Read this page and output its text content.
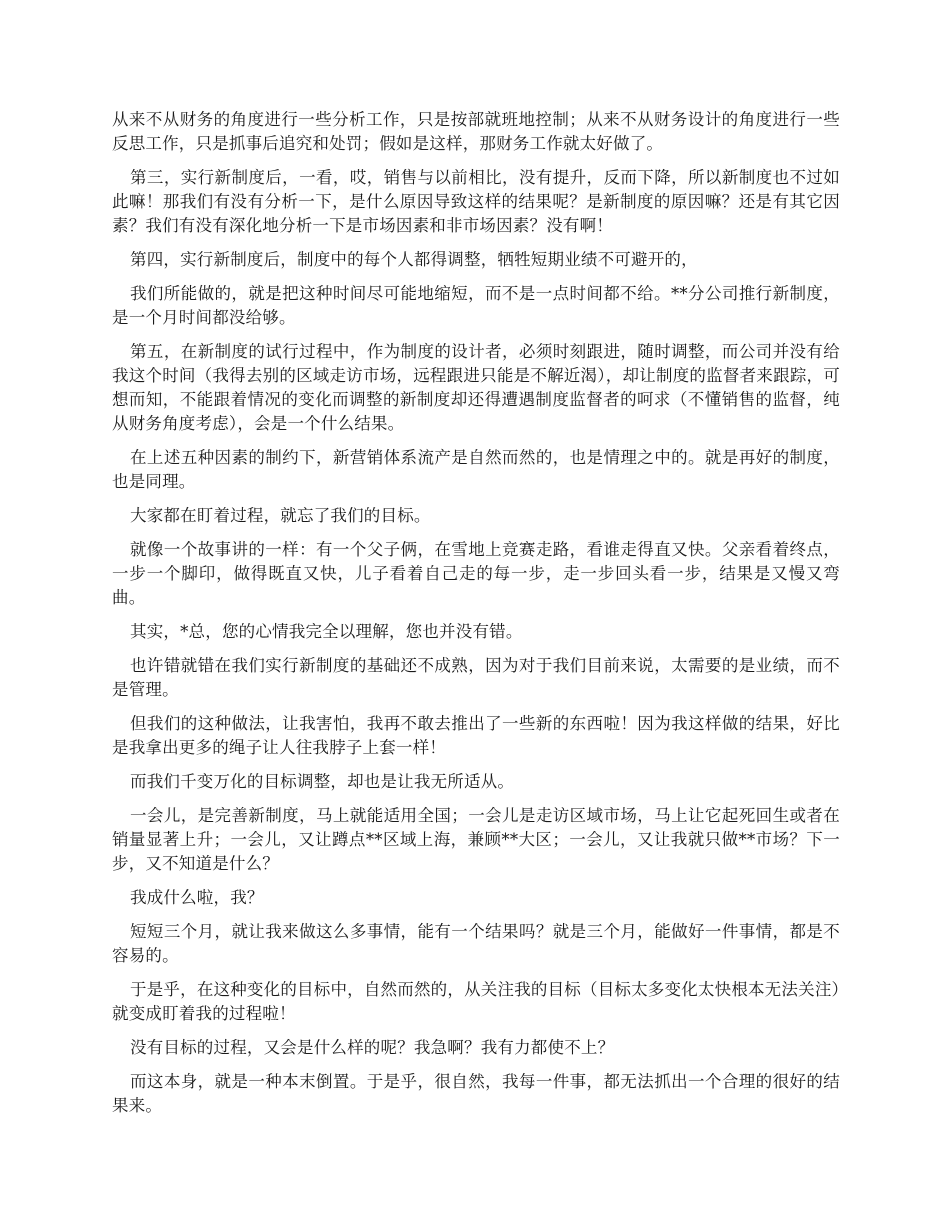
从来不从财务的角度进行一些分析工作，只是按部就班地控制；从来不从财务设计的角度进行一些反思工作，只是抓事后追究和处罚；假如是这样，那财务工作就太好做了。

第三，实行新制度后，一看，哎，销售与以前相比，没有提升，反而下降，所以新制度也不过如此嘛！那我们有没有分析一下，是什么原因导致这样的结果呢？是新制度的原因嘛？还是有其它因素？我们有没有深化地分析一下是市场因素和非市场因素？没有啊！

第四，实行新制度后，制度中的每个人都得调整，牺牲短期业绩不可避开的，

我们所能做的，就是把这种时间尽可能地缩短，而不是一点时间都不给。**分公司推行新制度，是一个月时间都没给够。

第五，在新制度的试行过程中，作为制度的设计者，必须时刻跟进，随时调整，而公司并没有给我这个时间（我得去别的区域走访市场，远程跟进只能是不解近渴），却让制度的监督者来跟踪，可想而知，不能跟着情况的变化而调整的新制度却还得遭遇制度监督者的呵求（不懂销售的监督，纯从财务角度考虑），会是一个什么结果。

在上述五种因素的制约下，新营销体系流产是自然而然的，也是情理之中的。就是再好的制度，也是同理。

大家都在盯着过程，就忘了我们的目标。

就像一个故事讲的一样：有一个父子俩，在雪地上竞赛走路，看谁走得直又快。父亲看着终点，一步一个脚印，做得既直又快，儿子看着自己走的每一步，走一步回头看一步，结果是又慢又弯曲。

其实，*总，您的心情我完全以理解，您也并没有错。

也许错就错在我们实行新制度的基础还不成熟，因为对于我们目前来说，太需要的是业绩，而不是管理。

但我们的这种做法，让我害怕，我再不敢去推出了一些新的东西啦！因为我这样做的结果，好比是我拿出更多的绳子让人往我脖子上套一样！

而我们千变万化的目标调整，却也是让我无所适从。

一会儿，是完善新制度，马上就能适用全国；一会儿是走访区域市场，马上让它起死回生或者在销量显著上升；一会儿，又让蹲点**区域上海，兼顾**大区；一会儿，又让我就只做**市场？下一步，又不知道是什么？

我成什么啦，我？

短短三个月，就让我来做这么多事情，能有一个结果吗？就是三个月，能做好一件事情，都是不容易的。

于是乎，在这种变化的目标中，自然而然的，从关注我的目标（目标太多变化太快根本无法关注）就变成盯着我的过程啦！

没有目标的过程，又会是什么样的呢？我急啊？我有力都使不上？

而这本身，就是一种本末倒置。于是乎，很自然，我每一件事，都无法抓出一个合理的很好的结果来。
